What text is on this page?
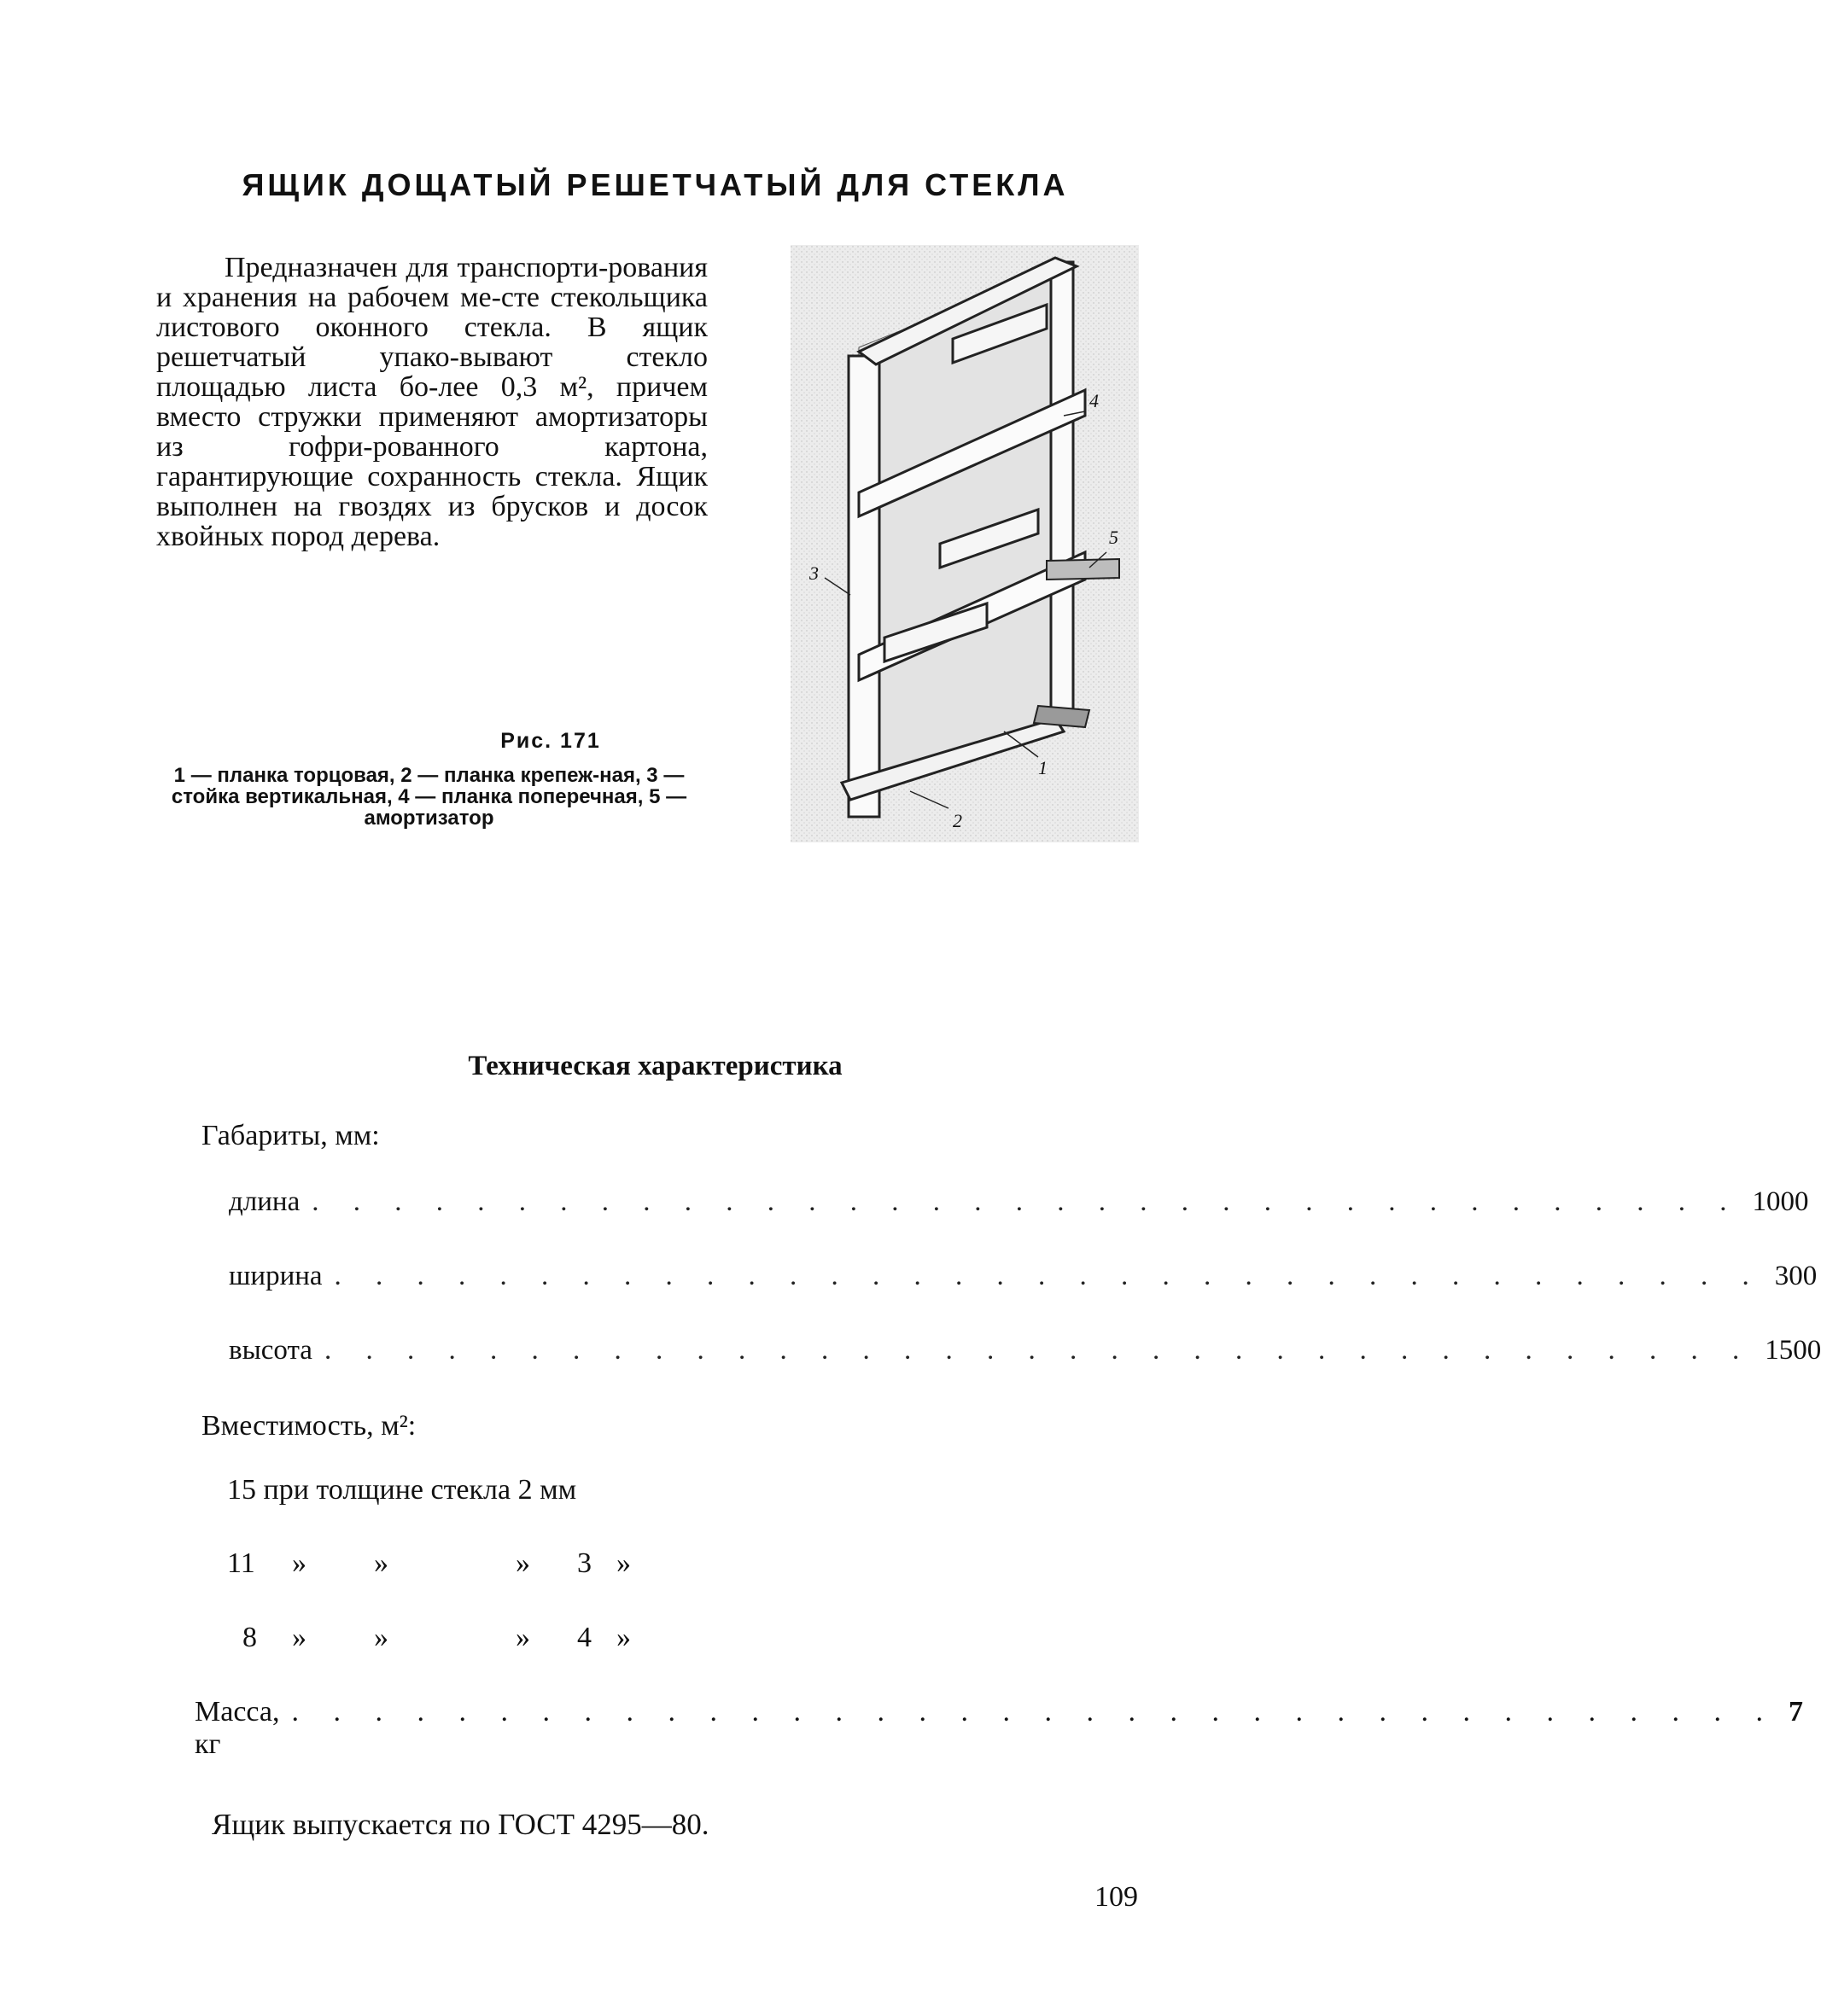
ЯЩИК ДОЩАТЫЙ РЕШЕТЧАТЫЙ ДЛЯ СТЕКЛА
Предназначен для транспорти-рования и хранения на рабочем ме-сте стекольщика листового оконного стекла. В ящик решетчатый упако-вывают стекло площадью листа бо-лее 0,3 м², причем вместо стружки применяют амортизаторы из гофри-рованного картона, гарантирующие сохранность стекла. Ящик выполнен на гвоздях из брусков и досок хвойных пород дерева.
4
5
3
1
2
Рис. 171
1 — планка торцовая, 2 — планка крепеж-ная, 3 — стойка вертикальная, 4 — планка поперечная, 5 — амортизатор
Техническая характеристика
Габариты, мм:
длина . . . . . . . . . . . . . . . . . . . . . . . . . . . . . . . . . . . 1000
ширина . . . . . . . . . . . . . . . . . . . . . . . . . . . . . . . . . . . 300
высота . . . . . . . . . . . . . . . . . . . . . . . . . . . . . . . . . . . 1500
Вместимость, м²:
15 при толщине стекла 2 мм
11 » »	» 3 »
8 » »	» 4 »
Масса, кг
. . . . . . . . . . . . . . . . . . . . . . . . . . . . . . . . . . . . 7
Ящик выпускается по ГОСТ 4295—80.
109
